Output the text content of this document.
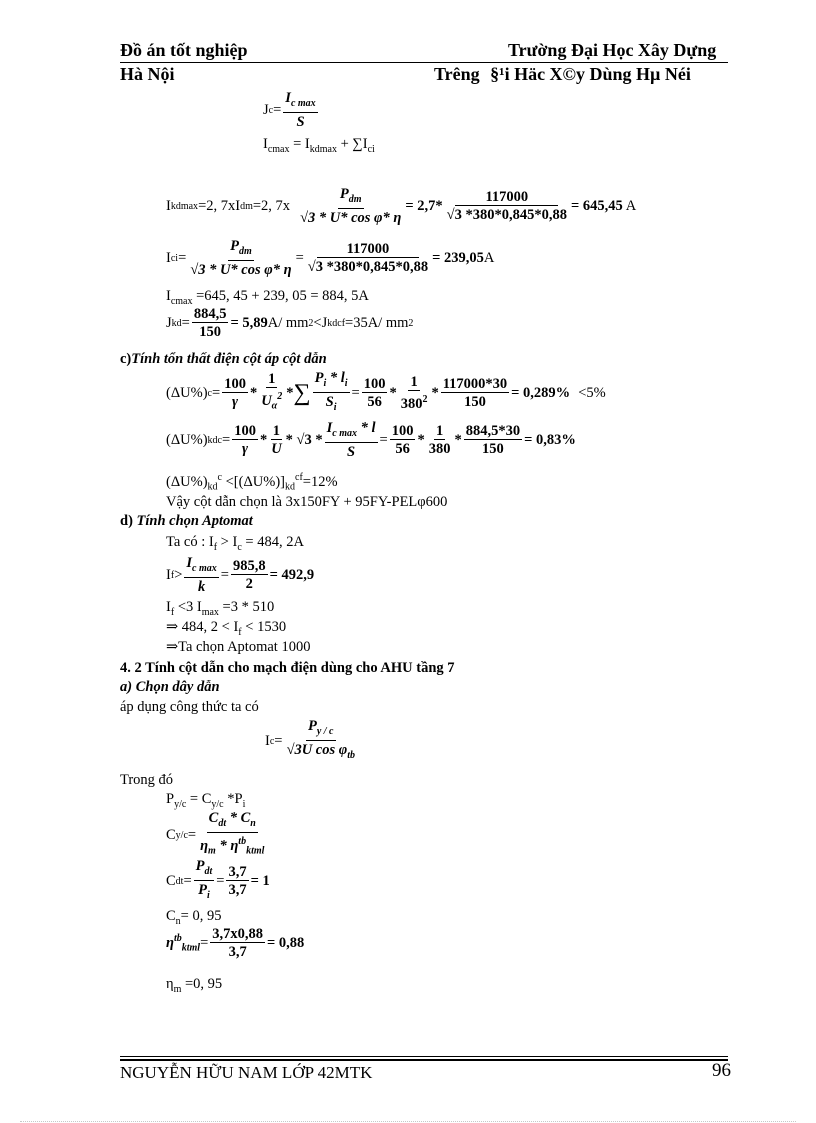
Đồ án tốt nghiệp	Trường Đại Học Xây Dựng
Hà Nội	Trêng §¹i Häc X©y Dùng Hµ Néi
J $c = \frac{I_{c max}}{S}$
$I_{cmax} = I_{kdmax} + \sum I_{ci}$
I kdmax =2, 7xI dm =2, $7x \frac{P_{dm}}{\text{√3 * U* cos φ* η}} = 2,7* \frac{117000}{√3 *380*0,845*0,88} = 645,45$ A
I ci = $\frac{P_{dm}}{\text{√3 * U* cos φ* η}} = \frac{117000}{√3 *380*0,845*0,88} = 239,05$ A
$I_{cmax} =645$, 45 + 239, 05 = 884, 5A
J kd = $\frac{884,5}{150} = 5,89$ A/ mm 2 <J kd cf =35A/ mm 2
c)Tính tổn thất điện cột áp cột dẫn
(ΔU%) $c = \frac{100}{\gamma} * \frac{1}{U_\alpha^2}$ * ∑ $\frac{P_i * l_i}{S_i} = \frac{100}{56} * \frac{1}{380^2} * \frac{117000*30}{150} = 0,289\% <5\%$
(ΔU%) kd $c = \frac{100}{\gamma} * \frac{1}{U} * √3 * \frac{I_{c max} * l}{S} = \frac{100}{56} * \frac{1}{380} * \frac{884,5*30}{150} = 0,83\%$
$(\Delta U\%)_{kd}^c <[(\Delta U\%)]_{kd}^{cf}=12\%$
Vậy cột dẫn chọn là 3x150FY + 95FY-PELφ600
d) Tính chọn Aptomat
Ta có : $I_f > I_c = 484$, 2A
I $f > \frac{I_{c max}}{k} = \frac{985,8}{2} = 492,9$
$I_f <3$ $I_{max} =3 * 510$
⇒ 484, $2 < I_f < 1530$
⇒Ta chọn Aptomat 1000
4. 2 Tính cột dẫn cho mạch điện dùng cho AHU tầng 7
a) Chọn dây dẫn
áp dụng công thức ta có
I $c = \frac{P_{y / c}}{√3U \cos \varphi_{tb}}$
Trong đó
$P_{y/c} = C_{y/c}$ $*P_i$
C $y/c = \frac{C_{dt} * C_n}{\eta_m * \eta^{tb}_{ktml}}$
C dt = $\frac{P_{dt}}{P_i} = \frac{3,7}{3,7} = 1$
$C_n= 0$, 95
$\eta^{tb}_{ktml} = \frac{3,7x0,88}{3,7} = 0,88$
$\eta_m =0$, 95
NGUYỄN HỮU NAM LỚP 42MTK	96
